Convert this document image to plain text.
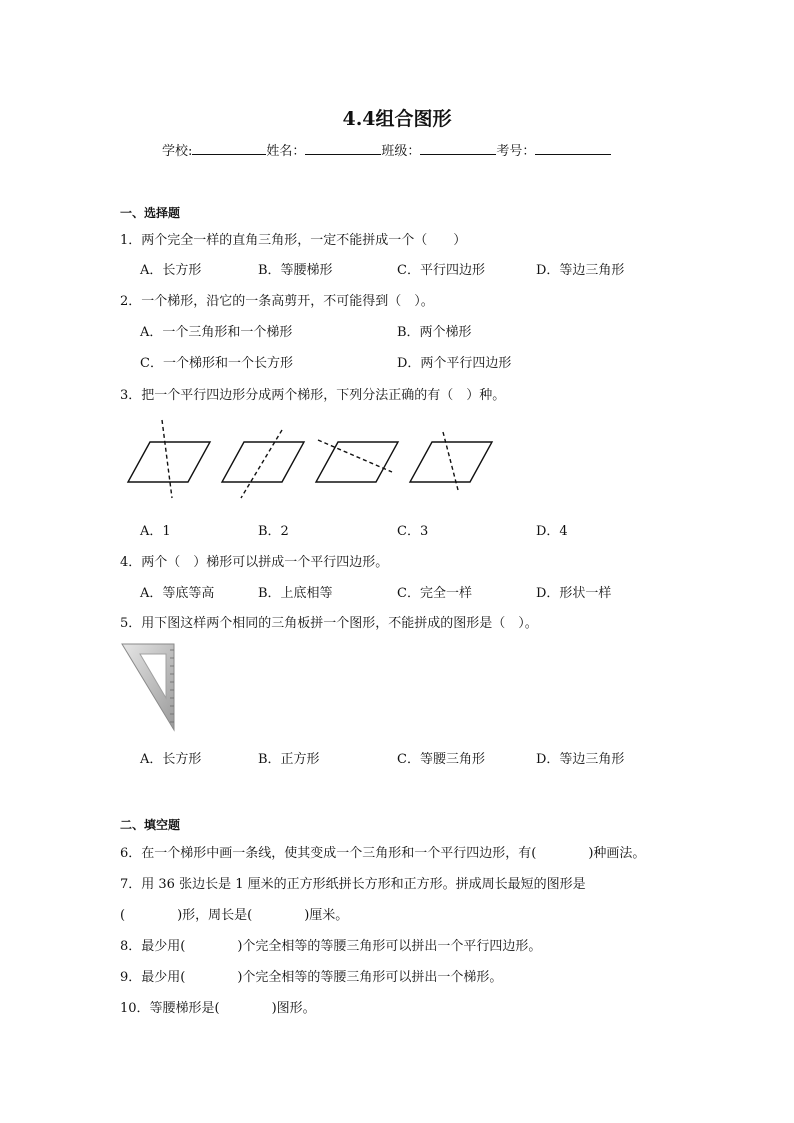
4.4组合图形
学校:	姓名：	班级：	考号：
一、选择题
1．两个完全一样的直角三角形，一定不能拼成一个（　　）
A．长方形	B．等腰梯形	C．平行四边形	D．等边三角形
2．一个梯形，沿它的一条高剪开，不可能得到（　）。
A．一个三角形和一个梯形	B．两个梯形
C．一个梯形和一个长方形	D．两个平行四边形
3．把一个平行四边形分成两个梯形，下列分法正确的有（　）种。
A．1	B．2	C．3	D．4
4．两个（　）梯形可以拼成一个平行四边形。
A．等底等高	B．上底相等	C．完全一样	D．形状一样
5．用下图这样两个相同的三角板拼一个图形，不能拼成的图形是（　）。
A．长方形	B．正方形	C．等腰三角形	D．等边三角形
二、填空题
6．在一个梯形中画一条线，使其变成一个三角形和一个平行四边形，有(　　　　)种画法。
7．用 36 张边长是 1 厘米的正方形纸拼长方形和正方形。拼成周长最短的图形是
(　　　　)形，周长是(　　　　)厘米。
8．最少用(　　　　)个完全相等的等腰三角形可以拼出一个平行四边形。
9．最少用(　　　　)个完全相等的等腰三角形可以拼出一个梯形。
10．等腰梯形是(　　　　)图形。
